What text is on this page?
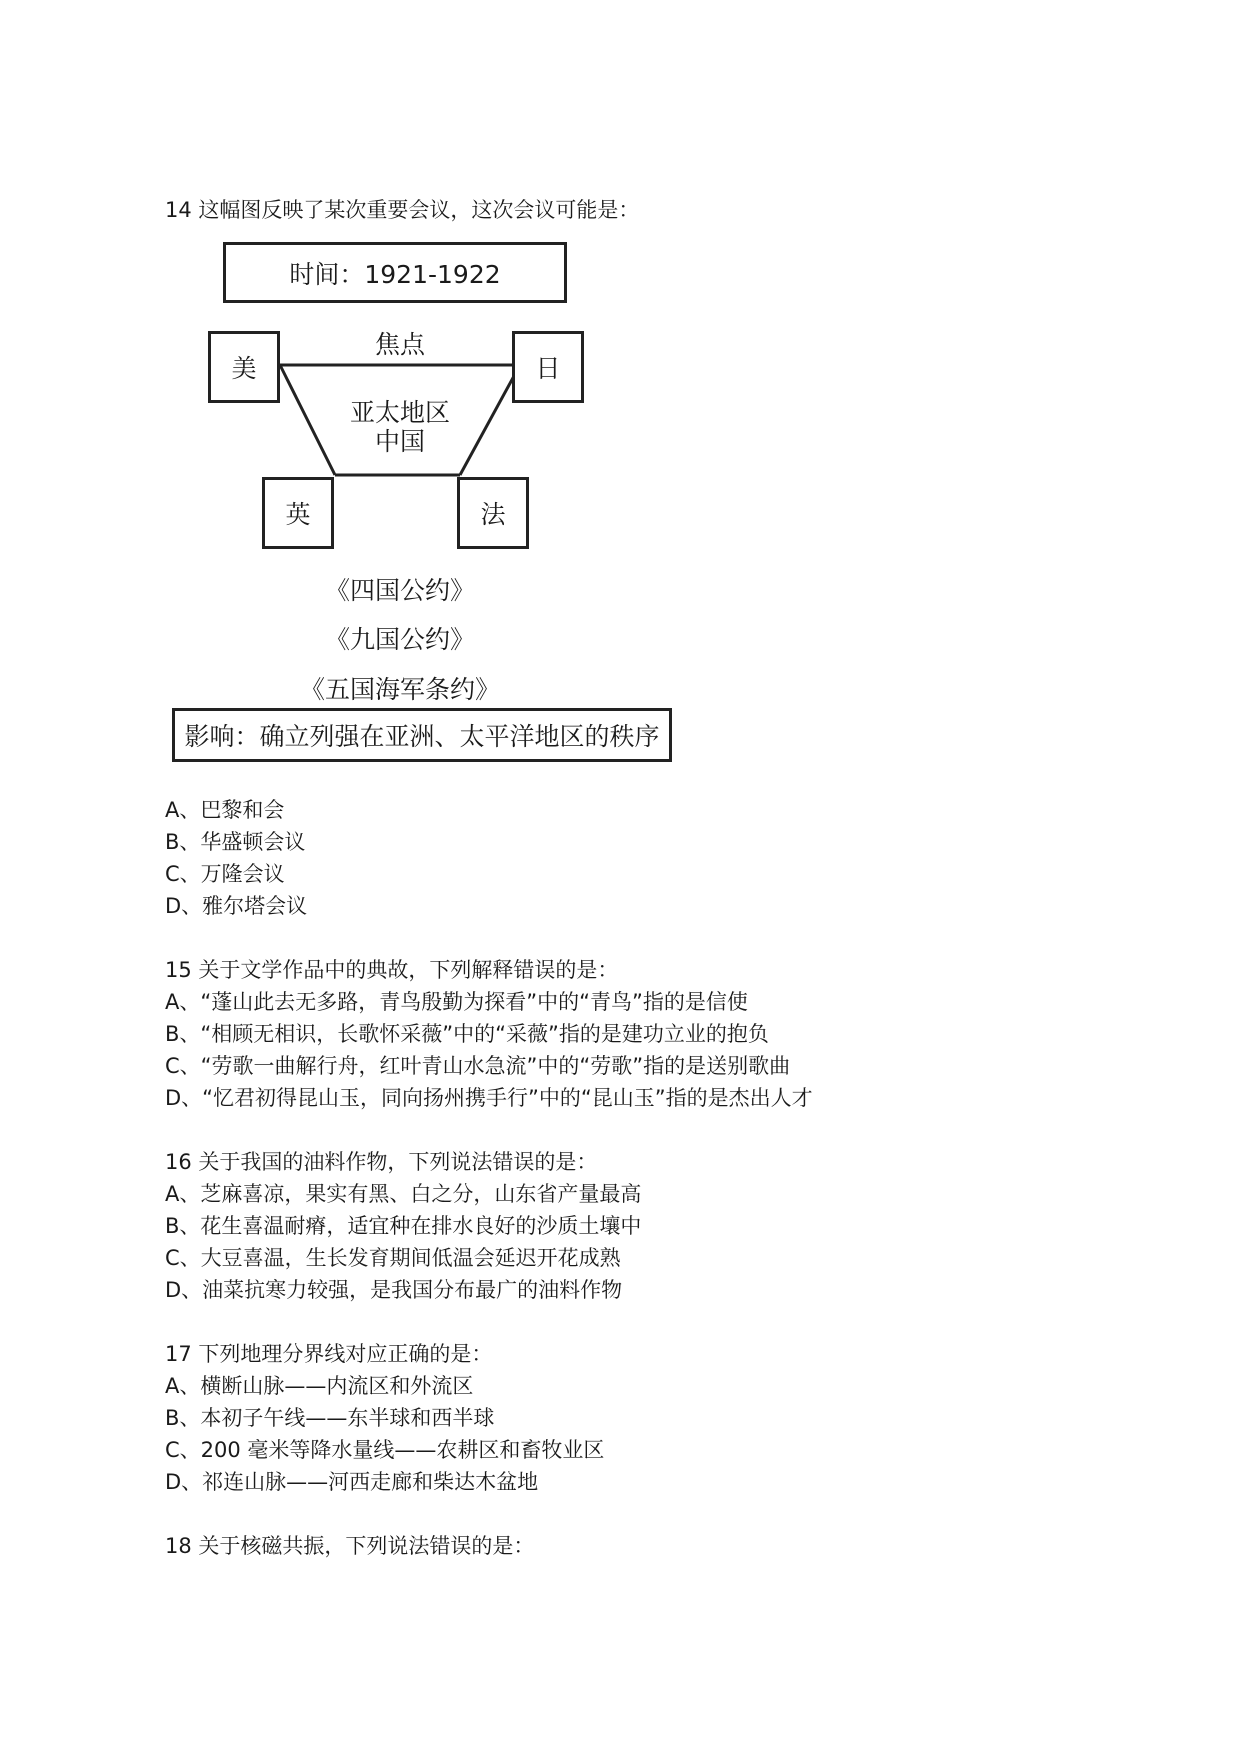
14 这幅图反映了某次重要会议，这次会议可能是：
时间：1921-1922
焦点
美	日
亚太地区
中国
英	法
《四国公约》
《九国公约》
《五国海军条约》
影响：确立列强在亚洲、太平洋地区的秩序
A、巴黎和会
B、华盛顿会议
C、万隆会议
D、雅尔塔会议
15 关于文学作品中的典故，下列解释错误的是：
A、“蓬山此去无多路，青鸟殷勤为探看”中的“青鸟”指的是信使
B、“相顾无相识，长歌怀采薇”中的“采薇”指的是建功立业的抱负
C、“劳歌一曲解行舟，红叶青山水急流”中的“劳歌”指的是送别歌曲
D、“忆君初得昆山玉，同向扬州携手行”中的“昆山玉”指的是杰出人才
16 关于我国的油料作物，下列说法错误的是：
A、芝麻喜凉，果实有黑、白之分，山东省产量最高
B、花生喜温耐瘠，适宜种在排水良好的沙质土壤中
C、大豆喜温，生长发育期间低温会延迟开花成熟
D、油菜抗寒力较强，是我国分布最广的油料作物
17 下列地理分界线对应正确的是：
A、横断山脉——内流区和外流区
B、本初子午线——东半球和西半球
C、200 毫米等降水量线——农耕区和畜牧业区
D、祁连山脉——河西走廊和柴达木盆地
18 关于核磁共振，下列说法错误的是：
